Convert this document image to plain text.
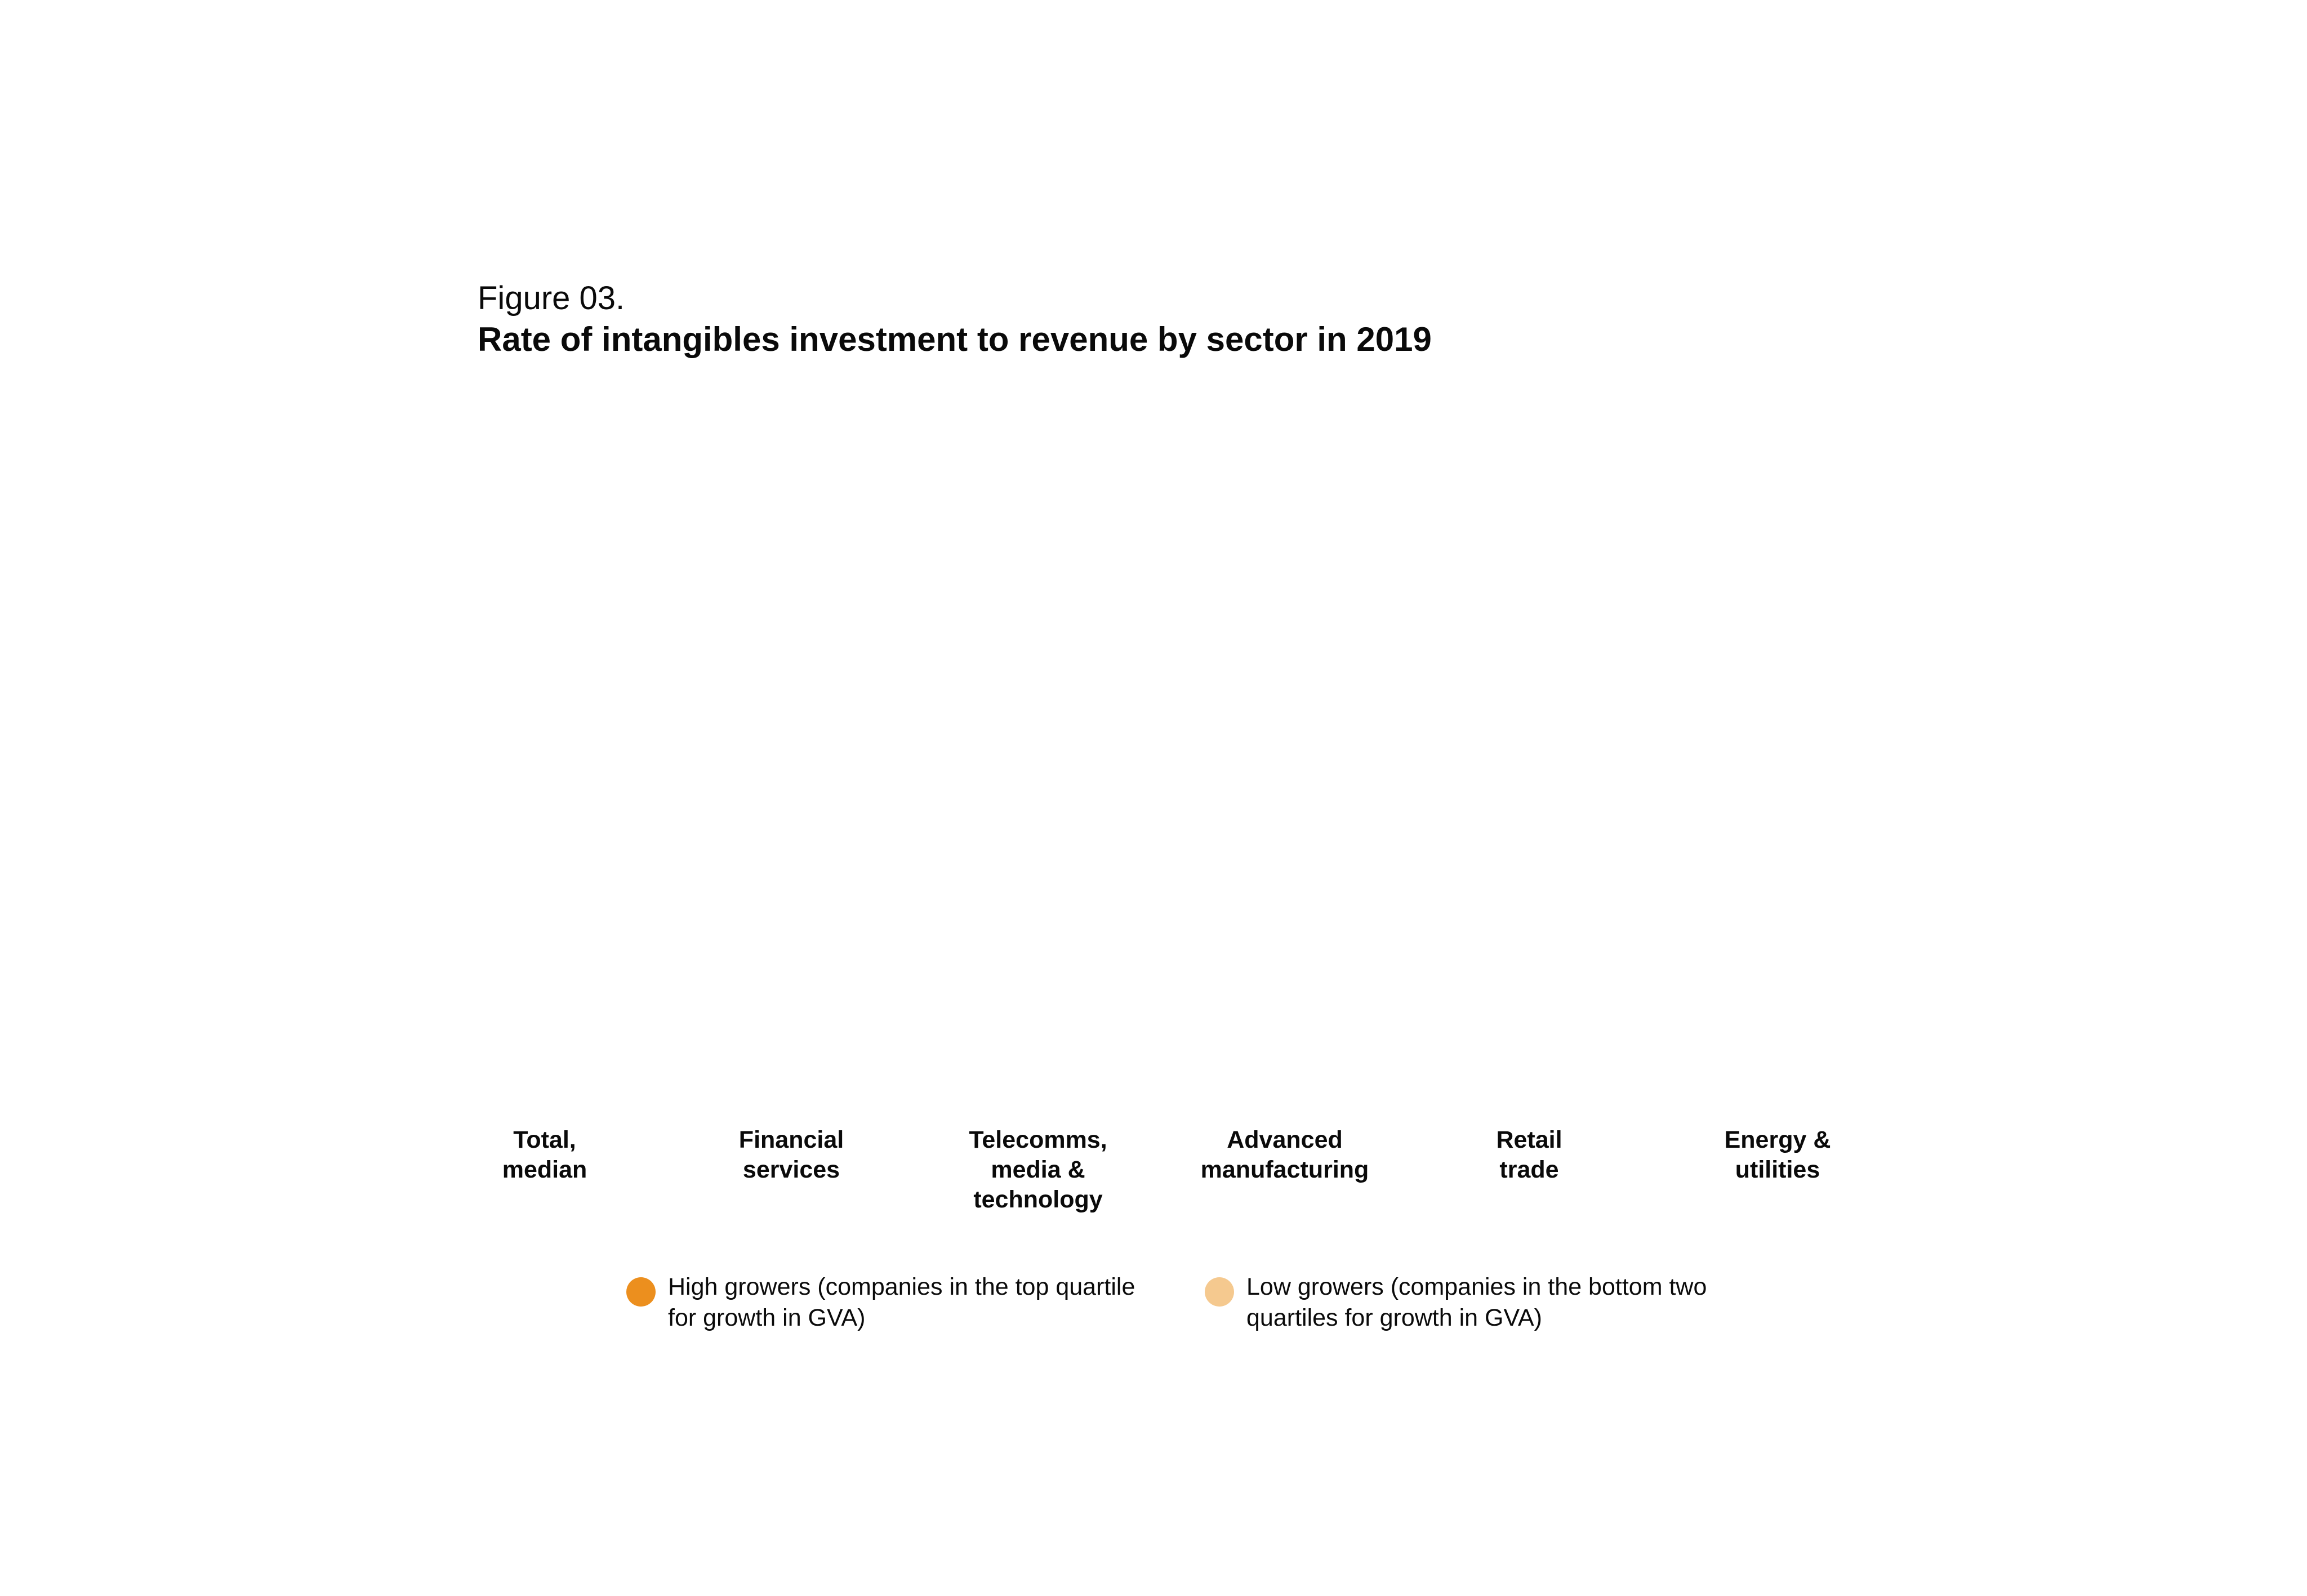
Figure 03.
Rate of intangibles investment to revenue by sector in 2019
Total,
median
Financial
services
Telecomms,
media &
technology
Advanced
manufacturing
Retail
trade
Energy &
utilities
High growers (companies in the top quartile for growth in GVA)
Low growers (companies in the bottom two quartiles for growth in GVA)
